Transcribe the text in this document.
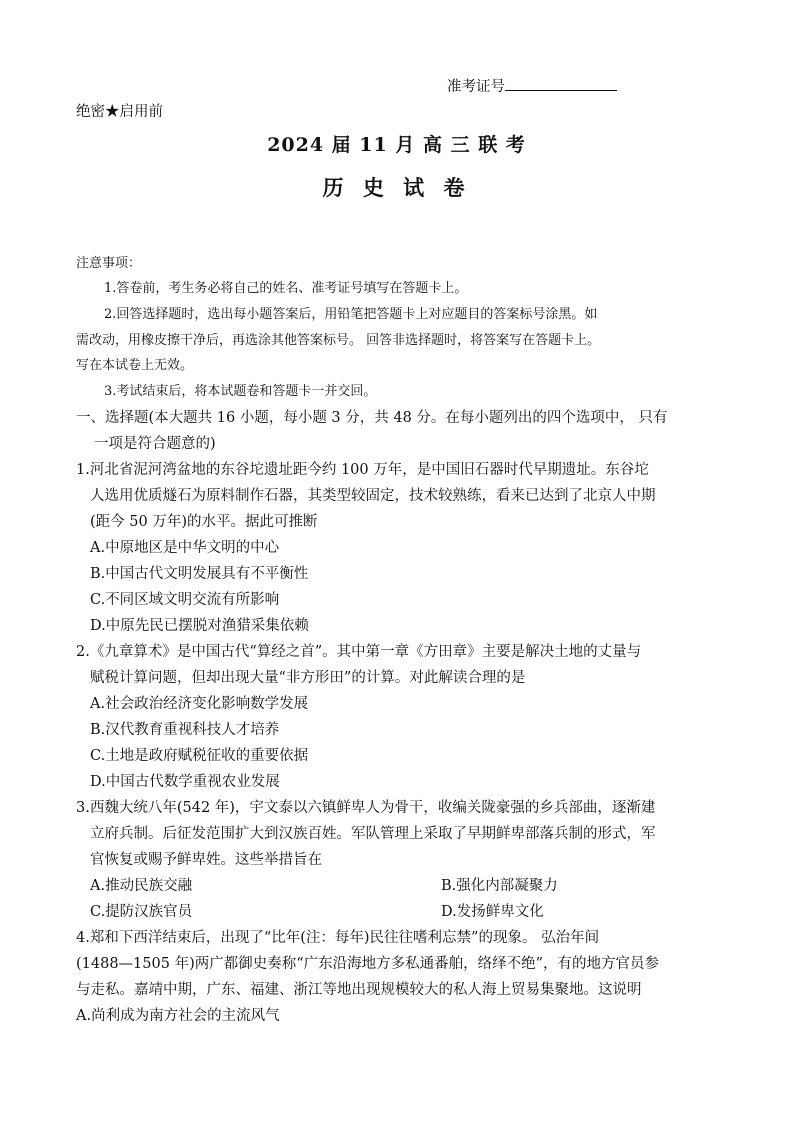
准考证号
绝密★启用前
2024 届 11 月 高 三 联 考
历 史 试 卷
注意事项：
1.答卷前，考生务必将自己的姓名、准考证号填写在答题卡上。
2.回答选择题时，选出每小题答案后，用铅笔把答题卡上对应题目的答案标号涂黑。如
需改动，用橡皮擦干净后，再选涂其他答案标号。 回答非选择题时，将答案写在答题卡上。
写在本试卷上无效。
3.考试结束后，将本试题卷和答题卡一并交回。
一、选择题(本大题共 16 小题，每小题 3 分，共 48 分。在每小题列出的四个选项中， 只有
一项是符合题意的)
1.河北省泥河湾盆地的东谷坨遗址距今约 100 万年，是中国旧石器时代早期遗址。东谷坨
人选用优质燧石为原料制作石器，其类型较固定，技术较熟练，看来已达到了北京人中期
(距今 50 万年)的水平。据此可推断
A.中原地区是中华文明的中心
B.中国古代文明发展具有不平衡性
C.不同区域文明交流有所影响
D.中原先民已摆脱对渔猎采集依赖
2.《九章算术》是中国古代“算经之首”。其中第一章《方田章》主要是解决土地的丈量与
赋税计算问题，但却出现大量“非方形田”的计算。对此解读合理的是
A.社会政治经济变化影响数学发展
B.汉代教育重视科技人才培养
C.土地是政府赋税征收的重要依据
D.中国古代数学重视农业发展
3.西魏大统八年(542 年)，宇文泰以六镇鲜卑人为骨干，收编关陇豪强的乡兵部曲，逐渐建
立府兵制。后征发范围扩大到汉族百姓。军队管理上采取了早期鲜卑部落兵制的形式，军
官恢复或赐予鲜卑姓。这些举措旨在
A.推动民族交融	B.强化内部凝聚力
C.提防汉族官员	D.发扬鲜卑文化
4.郑和下西洋结束后，出现了“比年(注：每年)民往往嗜利忘禁”的现象。 弘治年间
(1488—1505 年)两广都御史奏称“广东沿海地方多私通番舶，络绎不绝”，有的地方官员参
与走私。嘉靖中期，广东、福建、浙江等地出现规模较大的私人海上贸易集聚地。这说明
A.尚利成为南方社会的主流风气
